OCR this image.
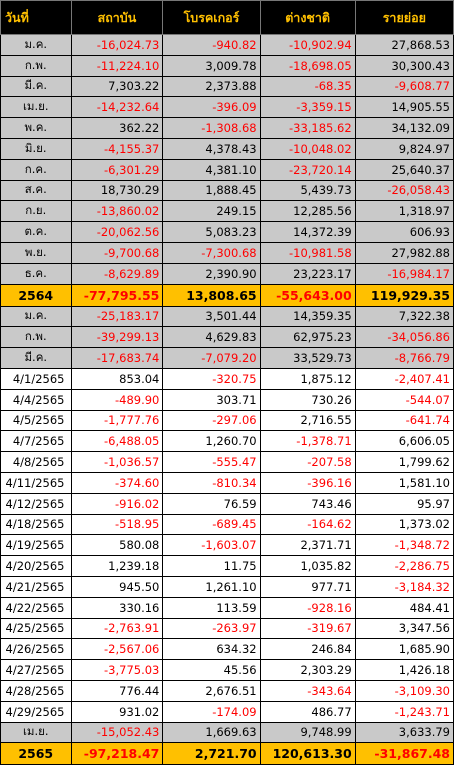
วันที่	สถาบัน	โบรคเกอร์	ต่างชาติ	รายย่อย
ม.ค.	-16,024.73	-940.82	-10,902.94	27,868.53
ก.พ.	-11,224.10	3,009.78	-18,698.05	30,300.43
มี.ค.	7,303.22	2,373.88	-68.35	-9,608.77
เม.ย.	-14,232.64	-396.09	-3,359.15	14,905.55
พ.ค.	362.22	-1,308.68	-33,185.62	34,132.09
มิ.ย.	-4,155.37	4,378.43	-10,048.02	9,824.97
ก.ค.	-6,301.29	4,381.10	-23,720.14	25,640.37
ส.ค.	18,730.29	1,888.45	5,439.73	-26,058.43
ก.ย.	-13,860.02	249.15	12,285.56	1,318.97
ต.ค.	-20,062.56	5,083.23	14,372.39	606.93
พ.ย.	-9,700.68	-7,300.68	-10,981.58	27,982.88
ธ.ค.	-8,629.89	2,390.90	23,223.17	-16,984.17
2564	-77,795.55	13,808.65	-55,643.00	119,929.35
ม.ค.	-25,183.17	3,501.44	14,359.35	7,322.38
ก.พ.	-39,299.13	4,629.83	62,975.23	-34,056.86
มี.ค.	-17,683.74	-7,079.20	33,529.73	-8,766.79
4/1/2565	853.04	-320.75	1,875.12	-2,407.41
4/4/2565	-489.90	303.71	730.26	-544.07
4/5/2565	-1,777.76	-297.06	2,716.55	-641.74
4/7/2565	-6,488.05	1,260.70	-1,378.71	6,606.05
4/8/2565	-1,036.57	-555.47	-207.58	1,799.62
4/11/2565	-374.60	-810.34	-396.16	1,581.10
4/12/2565	-916.02	76.59	743.46	95.97
4/18/2565	-518.95	-689.45	-164.62	1,373.02
4/19/2565	580.08	-1,603.07	2,371.71	-1,348.72
4/20/2565	1,239.18	11.75	1,035.82	-2,286.75
4/21/2565	945.50	1,261.10	977.71	-3,184.32
4/22/2565	330.16	113.59	-928.16	484.41
4/25/2565	-2,763.91	-263.97	-319.67	3,347.56
4/26/2565	-2,567.06	634.32	246.84	1,685.90
4/27/2565	-3,775.03	45.56	2,303.29	1,426.18
4/28/2565	776.44	2,676.51	-343.64	-3,109.30
4/29/2565	931.02	-174.09	486.77	-1,243.71
เม.ย.	-15,052.43	1,669.63	9,748.99	3,633.79
2565	-97,218.47	2,721.70	120,613.30	-31,867.48
